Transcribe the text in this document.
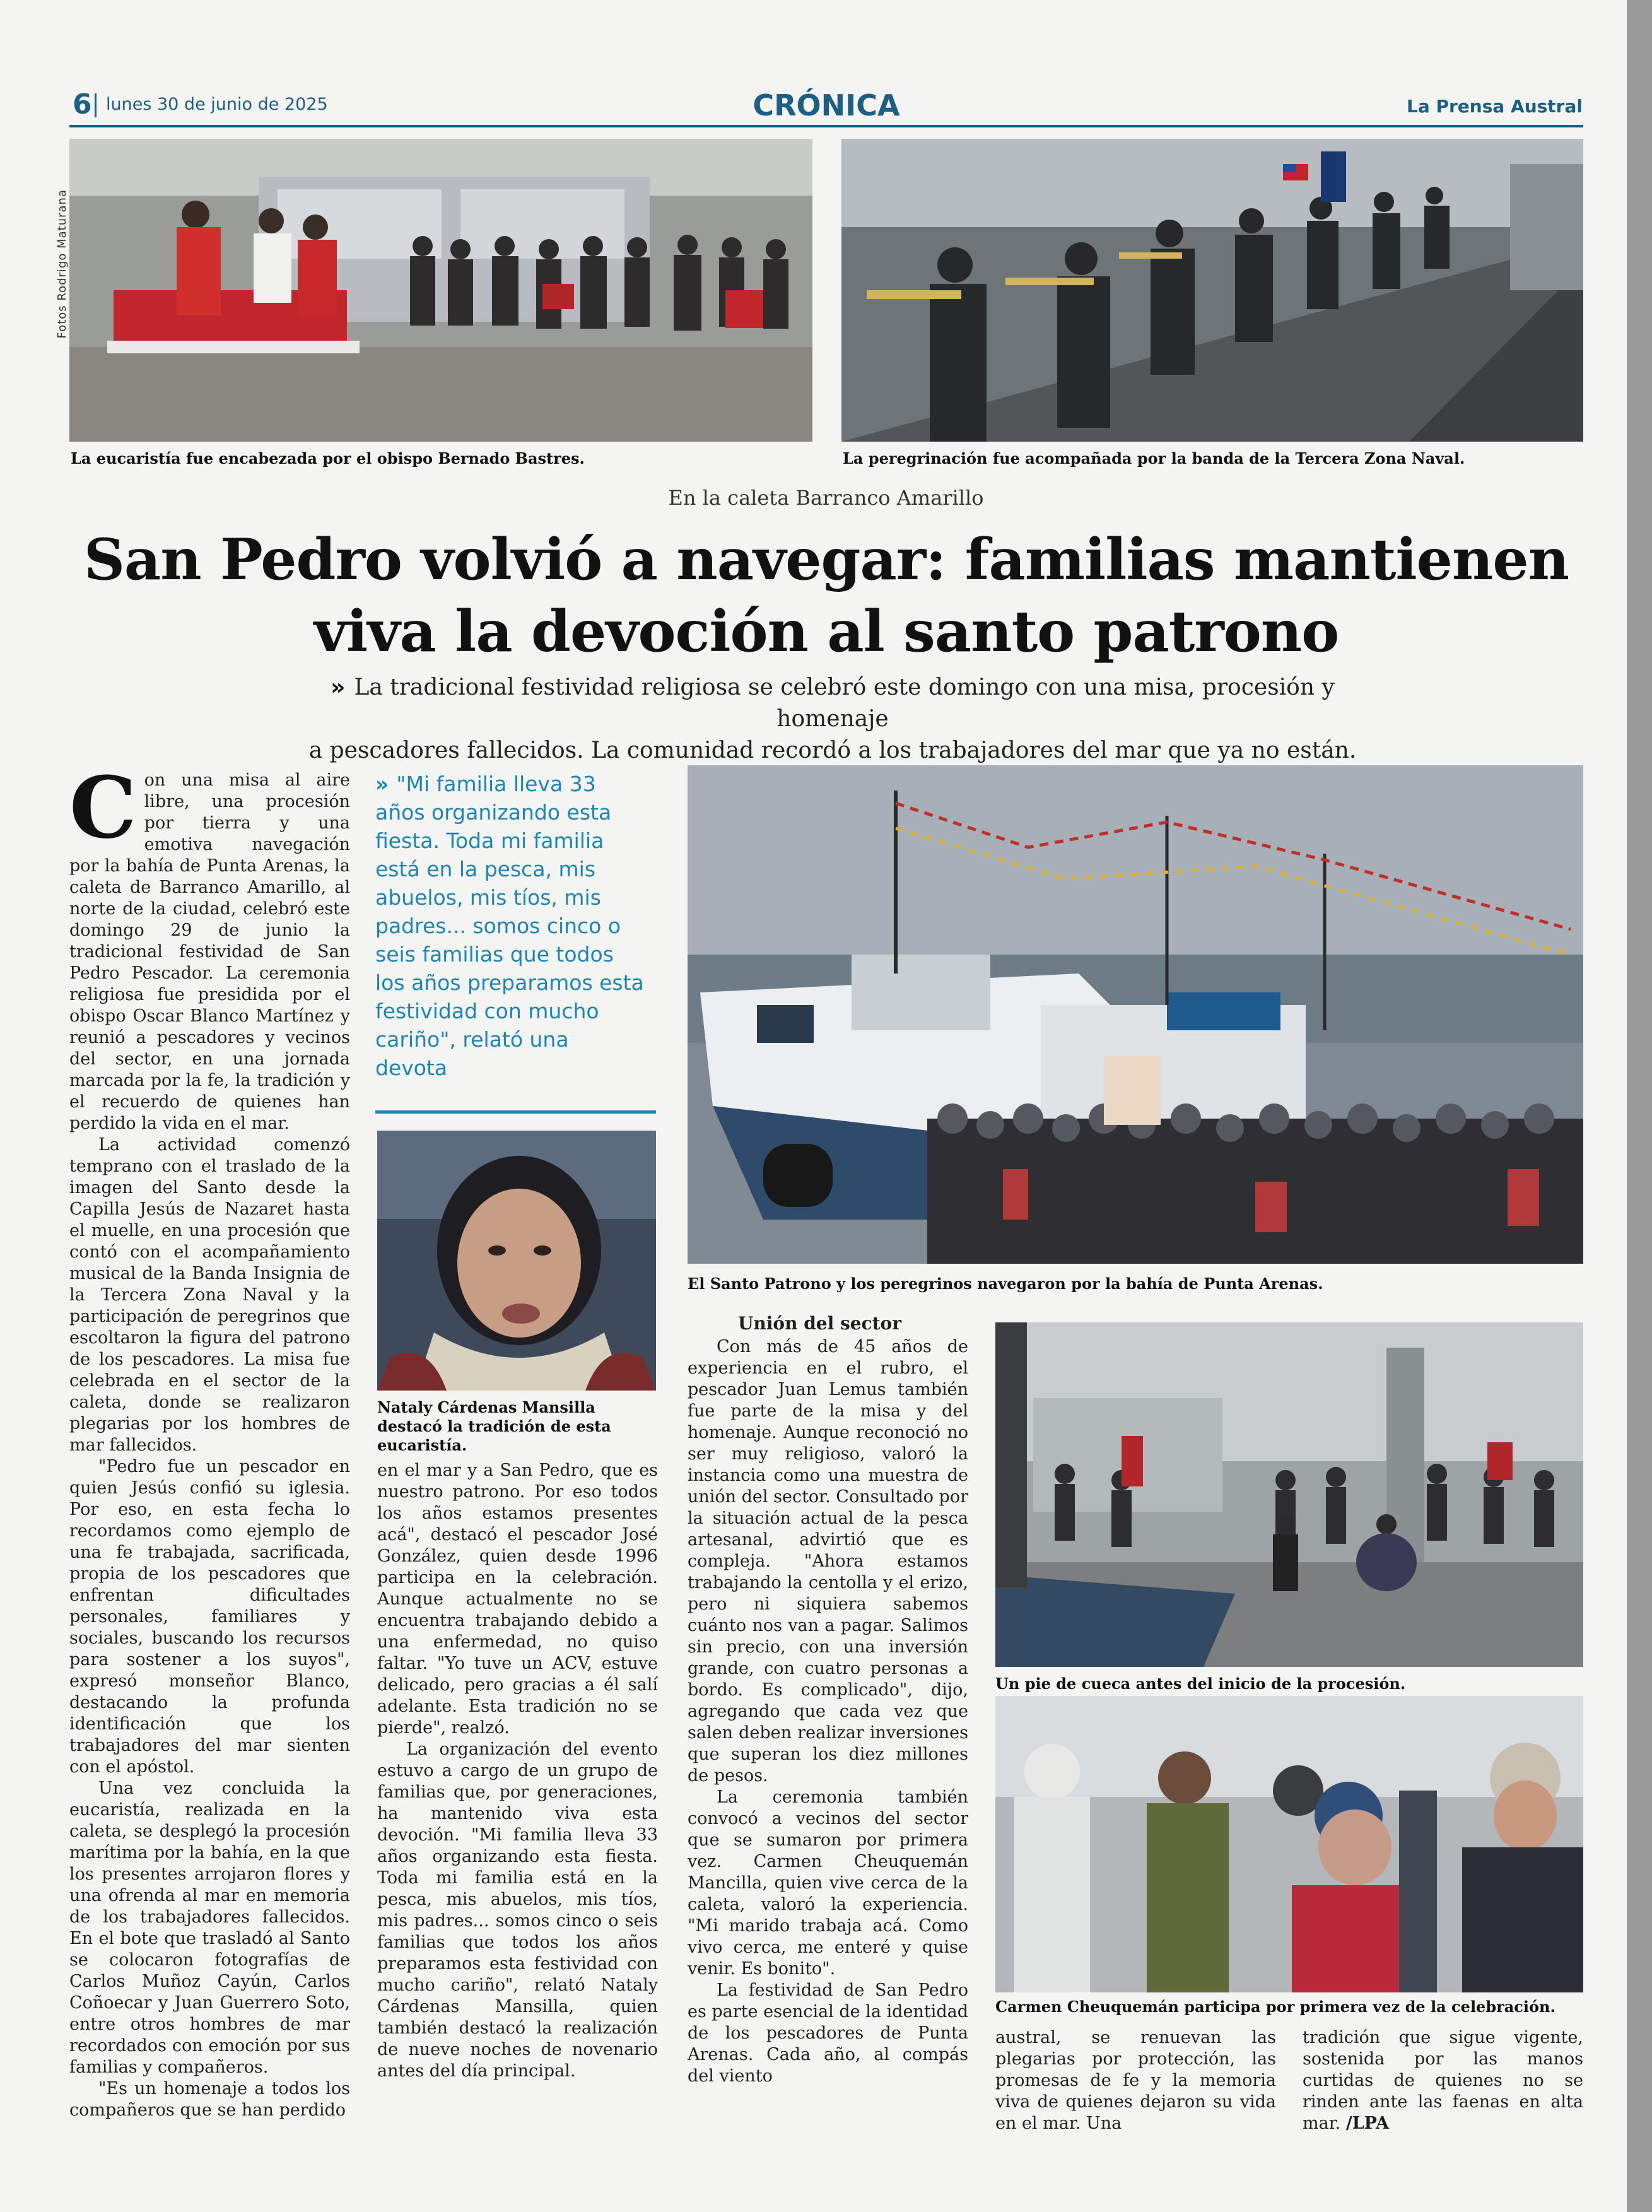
6 lunes 30 de junio de 2025	CRÓNICA	La Prensa Austral
Fotos Rodrigo Maturana
La eucaristía fue encabezada por el obispo Bernado Bastres.	La peregrinación fue acompañada por la banda de la Tercera Zona Naval.
En la caleta Barranco Amarillo
San Pedro volvió a navegar: familias mantienen viva la devoción al santo patrono
» La tradicional festividad religiosa se celebró este domingo con una misa, procesión y homenaje
a pescadores fallecidos. La comunidad recordó a los trabajadores del mar que ya no están.

Con una misa al aire libre, una procesión por tierra y una emotiva navegación por la bahía de Punta Arenas, la caleta de Barranco Amarillo, al norte de la ciudad, celebró este domingo 29 de junio la tradicional festividad de San Pedro Pescador. La ceremonia religiosa fue presidida por el obispo Oscar Blanco Martínez y reunió a pescadores y vecinos del sector, en una jornada marcada por la fe, la tradición y el recuerdo de quienes han perdido la vida en el mar.

La actividad comenzó temprano con el traslado de la imagen del Santo desde la Capilla Jesús de Nazaret hasta el muelle, en una procesión que contó con el acompañamiento musical de la Banda Insignia de la Tercera Zona Naval y la participación de peregrinos que escoltaron la figura del patrono de los pescadores. La misa fue celebrada en el sector de la caleta, donde se realizaron plegarias por los hombres de mar fallecidos.

"Pedro fue un pescador en quien Jesús confió su iglesia. Por eso, en esta fecha lo recordamos como ejemplo de una fe trabajada, sacrificada, propia de los pescadores que enfrentan dificultades personales, familiares y sociales, buscando los recursos para sostener a los suyos", expresó monseñor Blanco, destacando la profunda identificación que los trabajadores del mar sienten con el apóstol.

Una vez concluida la eucaristía, realizada en la caleta, se desplegó la procesión marítima por la bahía, en la que los presentes arrojaron flores y una ofrenda al mar en memoria de los trabajadores fallecidos. En el bote que trasladó al Santo se colocaron fotografías de Carlos Muñoz Cayún, Carlos Coñoecar y Juan Guerrero Soto, entre otros hombres de mar recordados con emoción por sus familias y compañeros.

"Es un homenaje a todos los compañeros que se han perdido

» "Mi familia lleva 33 años organizando esta fiesta. Toda mi familia está en la pesca, mis abuelos, mis tíos, mis padres... somos cinco o seis familias que todos los años preparamos esta festividad con mucho cariño", relató una devota
Nataly Cárdenas Mansilla destacó la tradición de esta eucaristía.

en el mar y a San Pedro, que es nuestro patrono. Por eso todos los años estamos presentes acá", destacó el pescador José González, quien desde 1996 participa en la celebración. Aunque actualmente no se encuentra trabajando debido a una enfermedad, no quiso faltar. "Yo tuve un ACV, estuve delicado, pero gracias a él salí adelante. Esta tradición no se pierde", realzó.

La organización del evento estuvo a cargo de un grupo de familias que, por generaciones, ha mantenido viva esta devoción. "Mi familia lleva 33 años organizando esta fiesta. Toda mi familia está en la pesca, mis abuelos, mis tíos, mis padres... somos cinco o seis familias que todos los años preparamos esta festividad con mucho cariño", relató Nataly Cárdenas Mansilla, quien también destacó la realización de nueve noches de novenario antes del día principal.

El Santo Patrono y los peregrinos navegaron por la bahía de Punta Arenas.
Unión del sector

Con más de 45 años de experiencia en el rubro, el pescador Juan Lemus también fue parte de la misa y del homenaje. Aunque reconoció no ser muy religioso, valoró la instancia como una muestra de unión del sector. Consultado por la situación actual de la pesca artesanal, advirtió que es compleja. "Ahora estamos trabajando la centolla y el erizo, pero ni siquiera sabemos cuánto nos van a pagar. Salimos sin precio, con una inversión grande, con cuatro personas a bordo. Es complicado", dijo, agregando que cada vez que salen deben realizar inversiones que superan los diez millones de pesos.

La ceremonia también convocó a vecinos del sector que se sumaron por primera vez. Carmen Cheuquemán Mancilla, quien vive cerca de la caleta, valoró la experiencia. "Mi marido trabaja acá. Como vivo cerca, me enteré y quise venir. Es bonito".

La festividad de San Pedro es parte esencial de la identidad de los pescadores de Punta Arenas. Cada año, al compás del viento

Un pie de cueca antes del inicio de la procesión.
Carmen Cheuquemán participa por primera vez de la celebración.

austral, se renuevan las plegarias por protección, las promesas de fe y la memoria viva de quienes dejaron su vida en el mar. Una

tradición que sigue vigente, sostenida por las manos curtidas de quienes no se rinden ante las faenas en alta mar. /LPA
